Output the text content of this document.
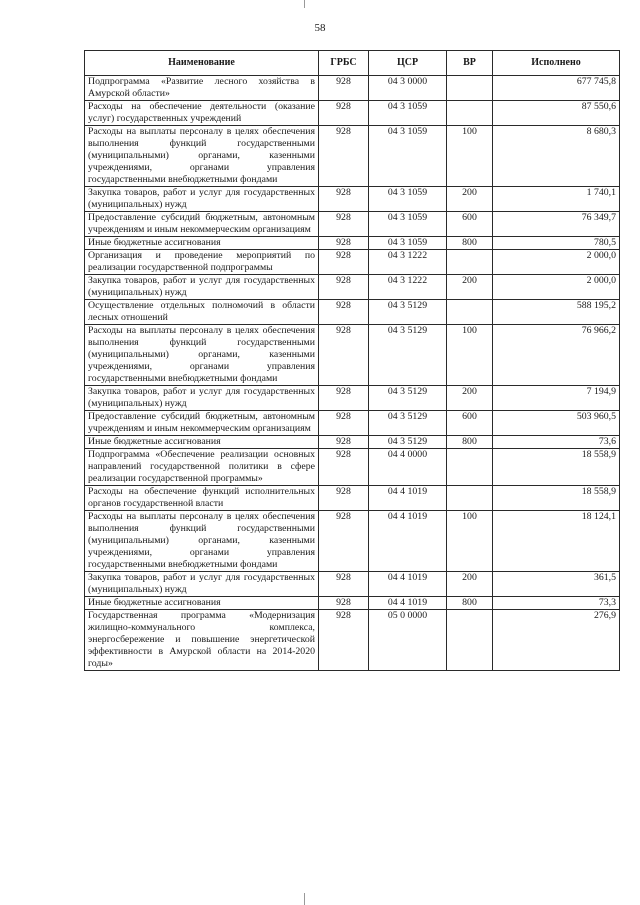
58
Наименование	ГРБС	ЦСР	ВР	Исполнено
Подпрограмма «Развитие лесного хозяйства в Амурской области»	928	04 3 0000		677 745,8
Расходы на обеспечение деятельности (оказание услуг) государственных учреждений	928	04 3 1059		87 550,6
Расходы на выплаты персоналу в целях обеспечения выполнения функций государственными (муниципальными) органами, казенными учреждениями, органами управления государственными внебюджетными фондами	928	04 3 1059	100	8 680,3
Закупка товаров, работ и услуг для государственных (муниципальных) нужд	928	04 3 1059	200	1 740,1
Предоставление субсидий бюджетным, автономным учреждениям и иным некоммерческим организациям	928	04 3 1059	600	76 349,7
Иные бюджетные ассигнования	928	04 3 1059	800	780,5
Организация и проведение мероприятий по реализации государственной подпрограммы	928	04 3 1222		2 000,0
Закупка товаров, работ и услуг для государственных (муниципальных) нужд	928	04 3 1222	200	2 000,0
Осуществление отдельных полномочий в области лесных отношений	928	04 3 5129		588 195,2
Расходы на выплаты персоналу в целях обеспечения выполнения функций государственными (муниципальными) органами, казенными учреждениями, органами управления государственными внебюджетными фондами	928	04 3 5129	100	76 966,2
Закупка товаров, работ и услуг для государственных (муниципальных) нужд	928	04 3 5129	200	7 194,9
Предоставление субсидий бюджетным, автономным учреждениям и иным некоммерческим организациям	928	04 3 5129	600	503 960,5
Иные бюджетные ассигнования	928	04 3 5129	800	73,6
Подпрограмма «Обеспечение реализации основных направлений государственной политики в сфере реализации государственной программы»	928	04 4 0000		18 558,9
Расходы на обеспечение функций исполнительных органов государственной власти	928	04 4 1019		18 558,9
Расходы на выплаты персоналу в целях обеспечения выполнения функций государственными (муниципальными) органами, казенными учреждениями, органами управления государственными внебюджетными фондами	928	04 4 1019	100	18 124,1
Закупка товаров, работ и услуг для государственных (муниципальных) нужд	928	04 4 1019	200	361,5
Иные бюджетные ассигнования	928	04 4 1019	800	73,3
Государственная программа «Модернизация жилищно-коммунального комплекса, энергосбережение и повышение энергетической эффективности в Амурской области на 2014-2020 годы»	928	05 0 0000		276,9
